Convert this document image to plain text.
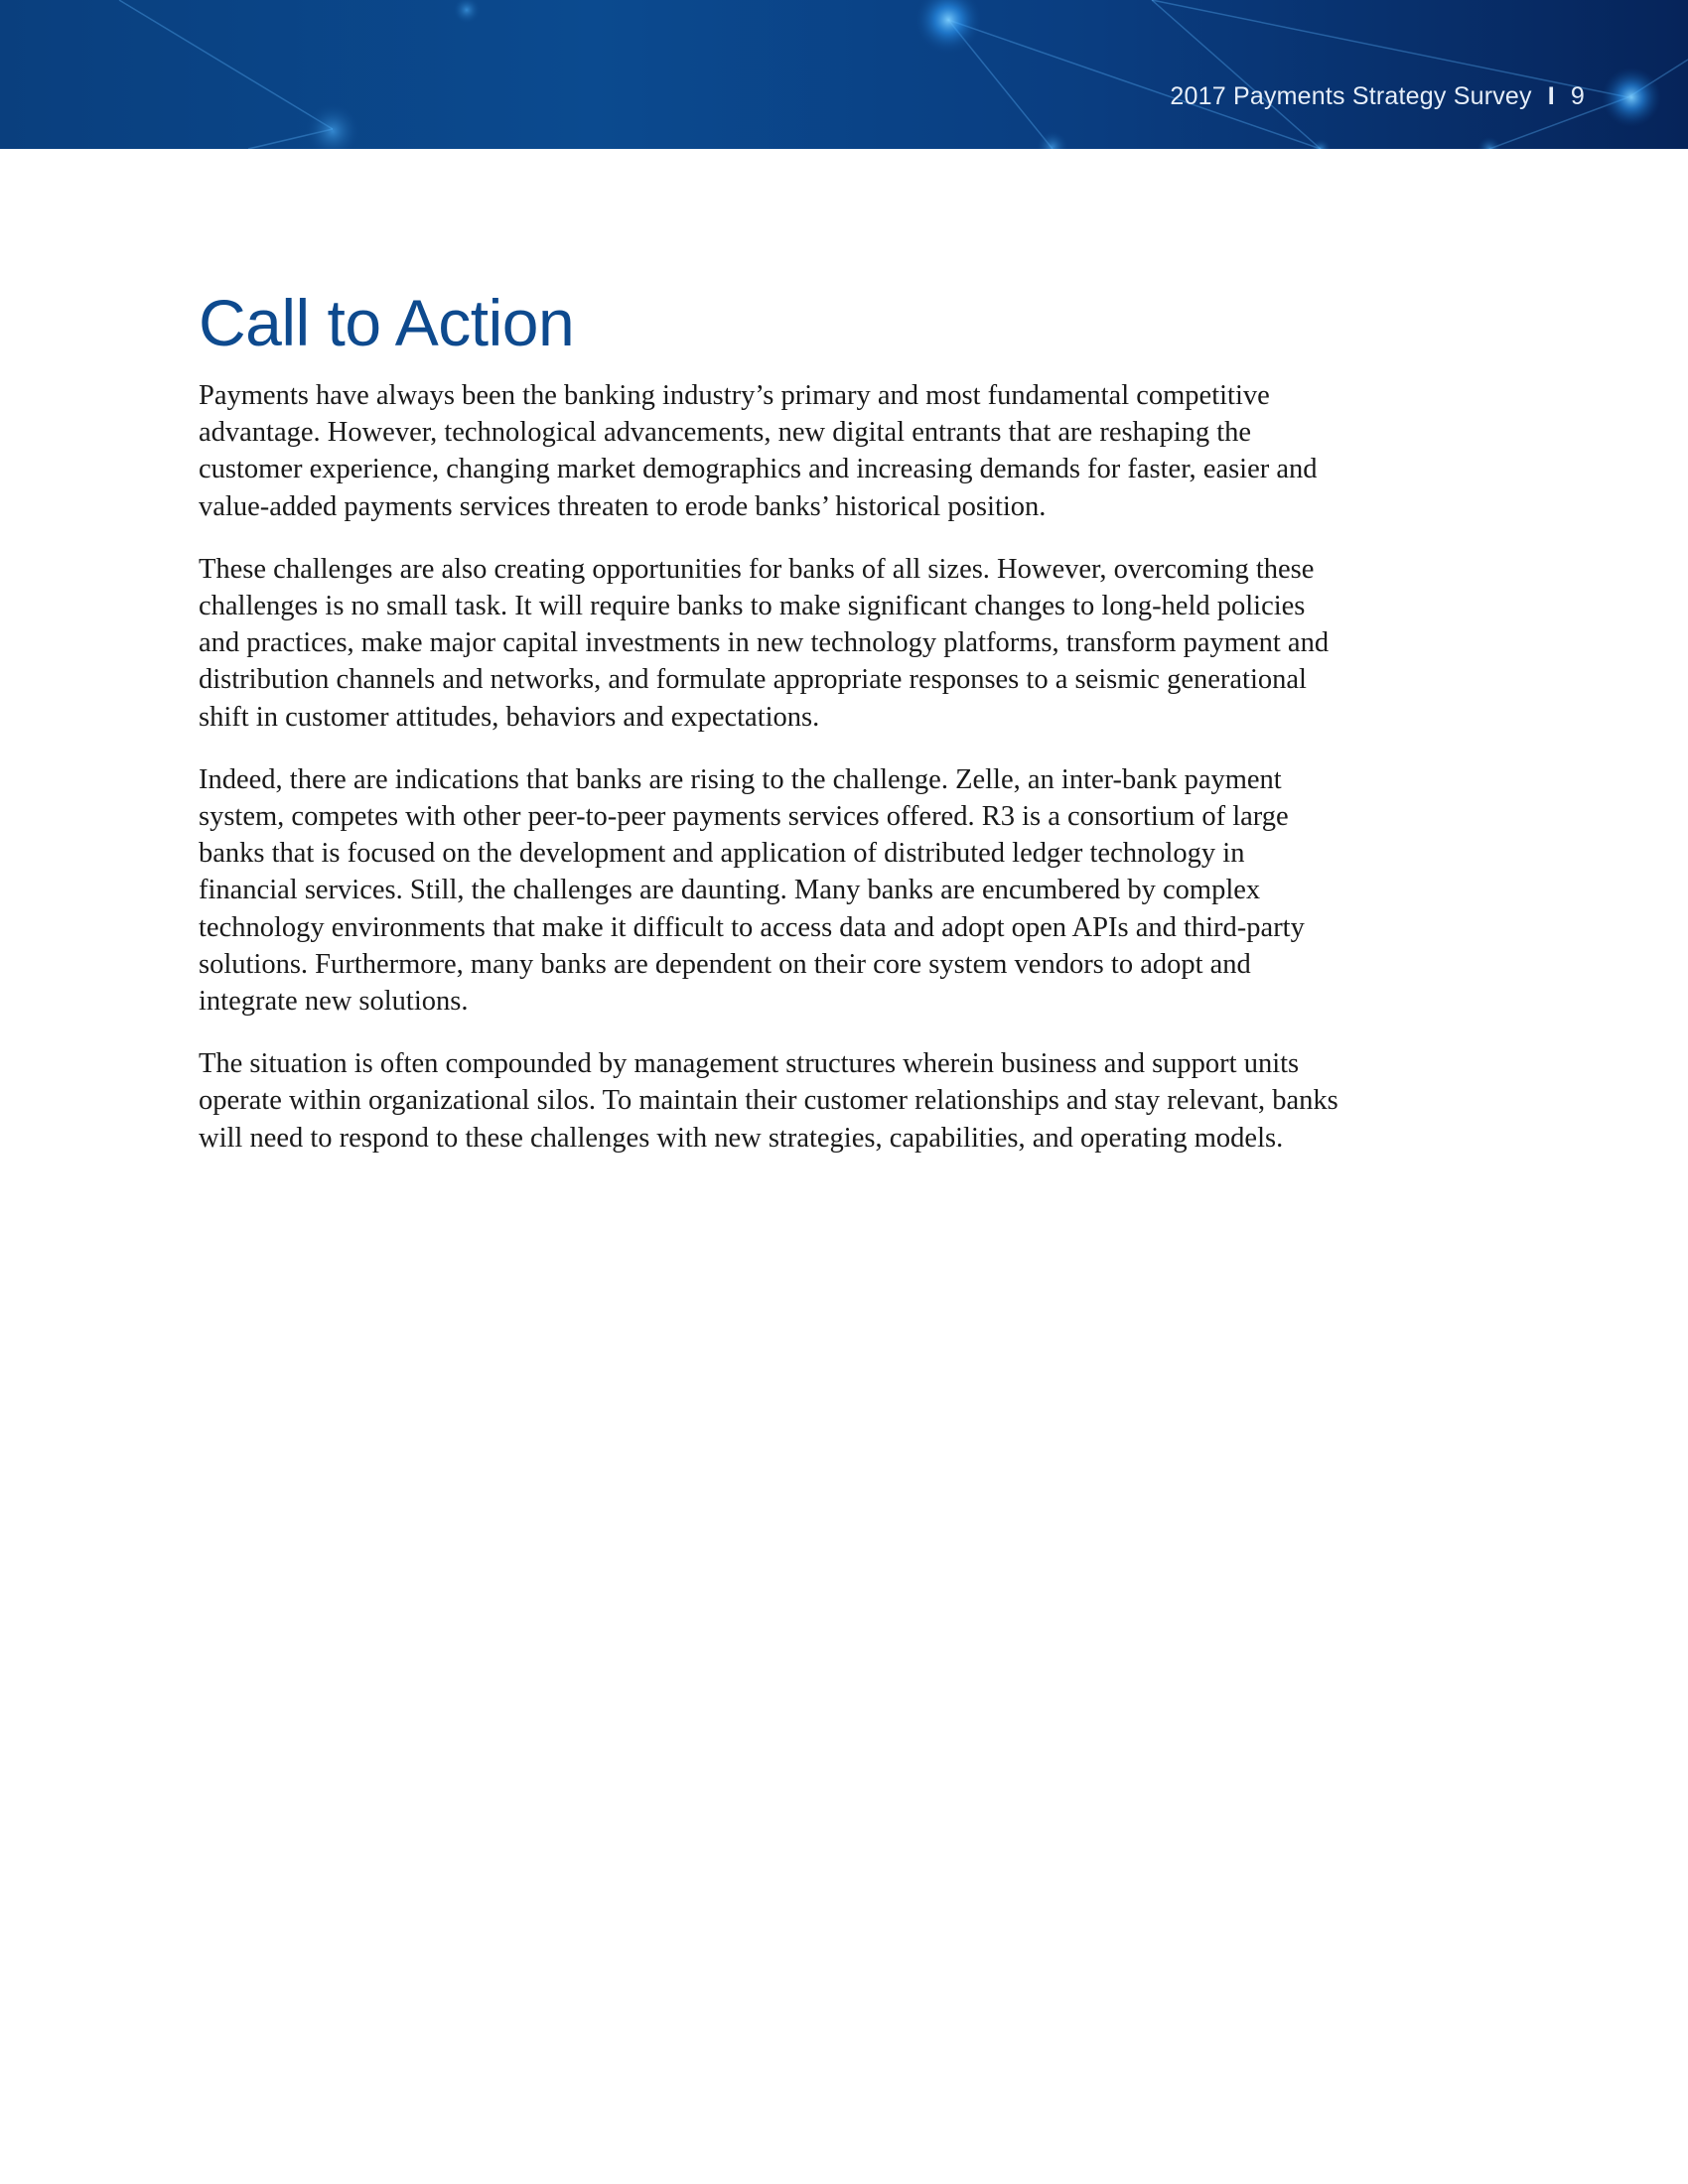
2017 Payments Strategy Survey I 9
Call to Action

Payments have always been the banking industry’s primary and most fundamental competitive advantage. However, technological advancements, new digital entrants that are reshaping the customer experience, changing market demographics and increasing demands for faster, easier and value-added payments services threaten to erode banks’ historical position.

These challenges are also creating opportunities for banks of all sizes. However, overcoming these challenges is no small task. It will require banks to make significant changes to long-held policies and practices, make major capital investments in new technology platforms, transform payment and distribution channels and networks, and formulate appropriate responses to a seismic generational shift in customer attitudes, behaviors and expectations.

Indeed, there are indications that banks are rising to the challenge. Zelle, an inter-bank payment system, competes with other peer-to-peer payments services offered. R3 is a consortium of large banks that is focused on the development and application of distributed ledger technology in financial services. Still, the challenges are daunting. Many banks are encumbered by complex technology environments that make it difficult to access data and adopt open APIs and third-party solutions. Furthermore, many banks are dependent on their core system vendors to adopt and integrate new solutions.

The situation is often compounded by management structures wherein business and support units operate within organizational silos. To maintain their customer relationships and stay relevant, banks will need to respond to these challenges with new strategies, capabilities, and operating models.
